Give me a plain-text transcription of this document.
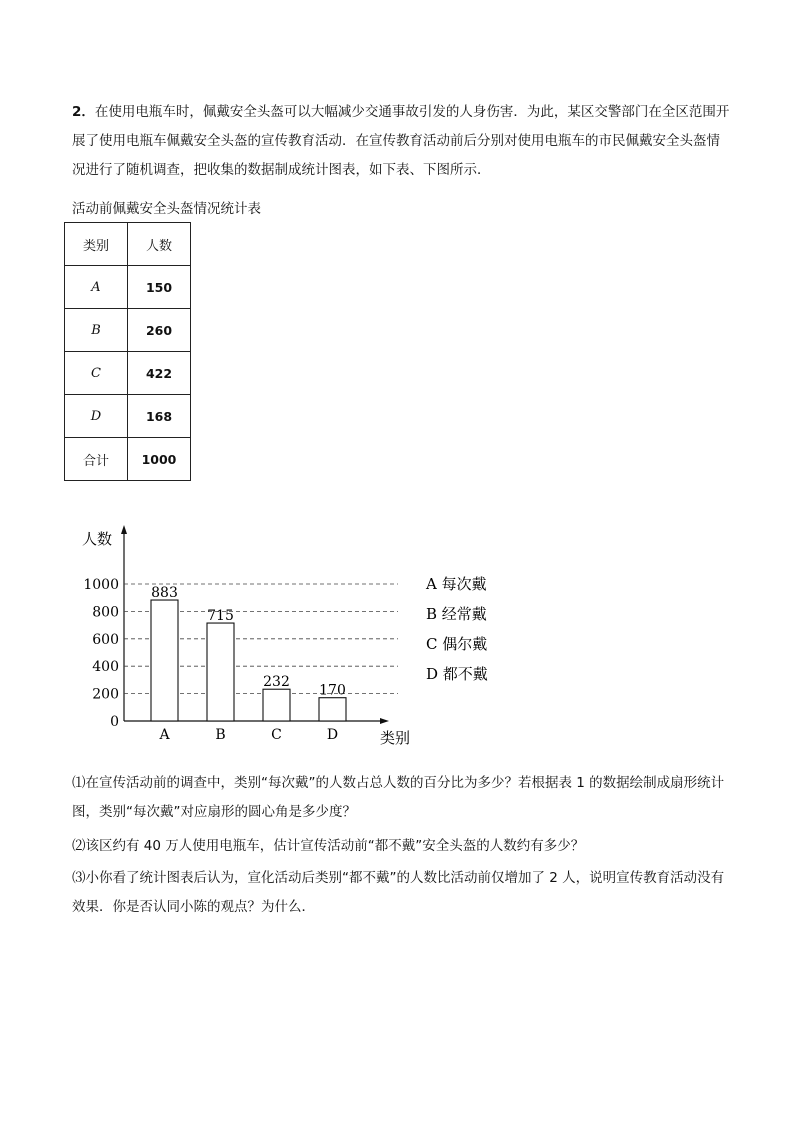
2．在使用电瓶车时，佩戴安全头盔可以大幅减少交通事故引发的人身伤害．为此，某区交警部门在全区范围开展了使用电瓶车佩戴安全头盔的宣传教育活动．在宣传教育活动前后分别对使用电瓶车的市民佩戴安全头盔情况进行了随机调查，把收集的数据制成统计图表，如下表、下图所示．
活动前佩戴安全头盔情况统计表
类别	人数
A	150
B	260
C	422
D	168
合计	1000
0
200
400
600
800
1000
人数
类别
883
A
715
B
232
C
170
D
A 每次戴
B 经常戴
C 偶尔戴
D 都不戴
⑴在宣传活动前的调查中，类别“每次戴”的人数占总人数的百分比为多少？若根据表 1 的数据绘制成扇形统计图，类别“每次戴”对应扇形的圆心角是多少度？
⑵该区约有 40 万人使用电瓶车，估计宣传活动前“都不戴”安全头盔的人数约有多少？
⑶小你看了统计图表后认为，宣化活动后类别“都不戴”的人数比活动前仅增加了 2 人，说明宣传教育活动没有效果．你是否认同小陈的观点？为什么．
